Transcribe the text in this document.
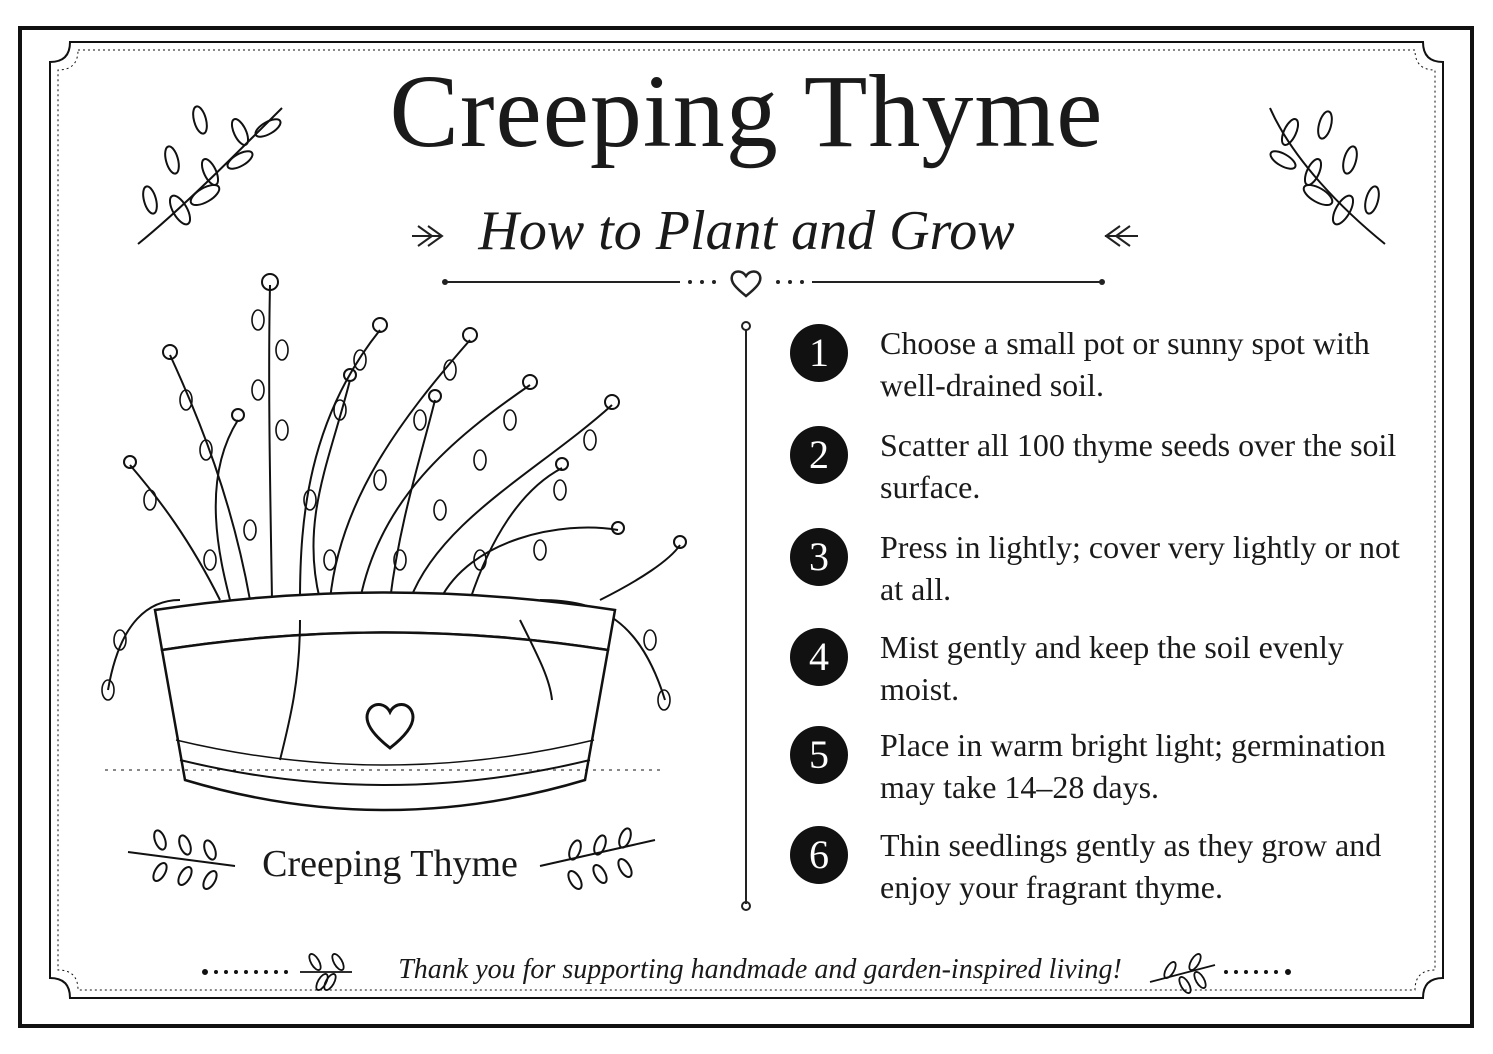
Creeping Thyme
How to Plant and Grow
Creeping Thyme
1	Choose a small pot or sunny spot with well-drained soil.
2	Scatter all 100 thyme seeds over the soil surface.
3	Press in lightly; cover very lightly or not at all.
4	Mist gently and keep the soil evenly moist.
5	Place in warm bright light; germination may take 14–28 days.
6	Thin seedlings gently as they grow and enjoy your fragrant thyme.
Thank you for supporting handmade and garden-inspired living!
